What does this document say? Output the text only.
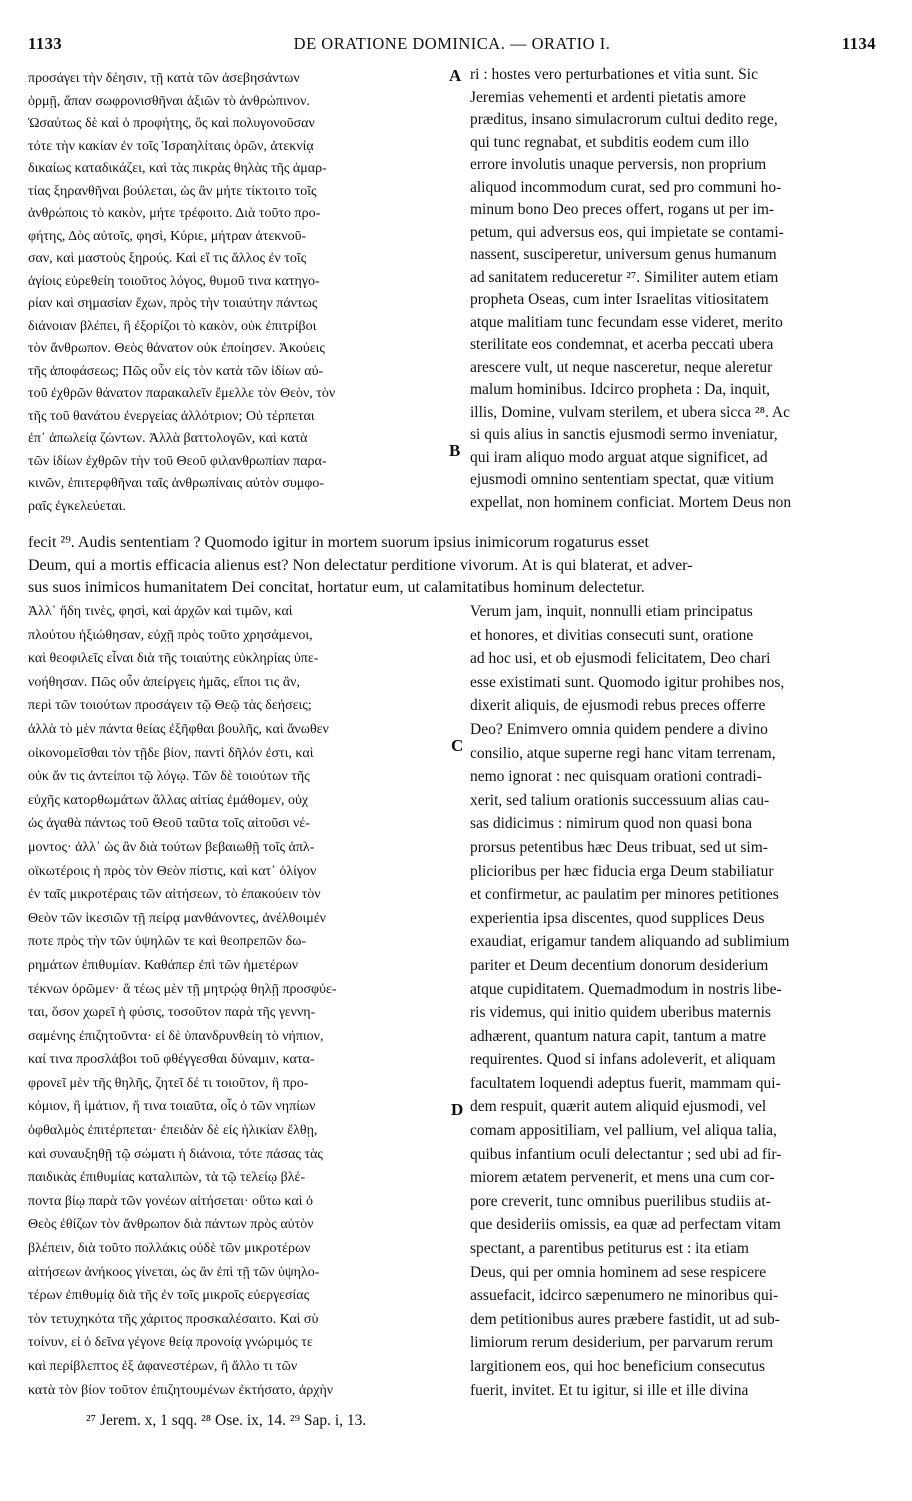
1133	DE ORATIONE DOMINICA. — ORATIO I.	1134
προσάγει τὴν δέησιν, τῇ κατὰ τῶν ἀσεβησάντων
ὁρμῇ, ἅπαν σωφρονισθῆναι ἀξιῶν τὸ ἀνθρώπινον.
Ὡσαύτως δὲ καὶ ὁ προφήτης, ὅς καὶ πολυγονοῦσαν
τότε τὴν κακίαν ἐν τοῖς Ἰσραηλίταις ὁρῶν, ἀτεκνίᾳ
δικαίως καταδικάζει, καὶ τὰς πικρὰς θηλὰς τῆς ἁμαρ-
τίας ξηρανθῆναι βούλεται, ὡς ἂν μήτε τίκτοιτο τοῖς
ἀνθρώποις τὸ κακὸν, μήτε τρέφοιτο. Διὰ τοῦτο προ-
φήτης, Δὸς αὐτοῖς, φησὶ, Κύριε, μήτραν ἀτεκνοῦ-
σαν, καὶ μαστοὺς ξηρούς. Καὶ εἴ τις ἄλλος ἐν τοῖς
ἁγίοις εὑρεθείη τοιοῦτος λόγος, θυμοῦ τινα κατηγο-
ρίαν καὶ σημασίαν ἔχων, πρὸς τὴν τοιαύτην πάντως
διάνοιαν βλέπει, ἢ ἐξορίζοι τὸ κακὸν, οὐκ ἐπιτρίβοι
τὸν ἄνθρωπον. Θεὸς θάνατον οὐκ ἐποίησεν. Ἀκούεις
τῆς ἀποφάσεως; Πῶς οὖν εἰς τὸν κατὰ τῶν ἰδίων αὐ-
τοῦ ἐχθρῶν θάνατον παρακαλεῖν ἔμελλε τὸν Θεὸν, τὸν
τῆς τοῦ θανάτου ἐνεργείας ἀλλότριον; Οὐ τέρπεται
ἐπ᾽ ἀπωλείᾳ ζώντων. Ἀλλὰ βαττολογῶν, καὶ κατὰ
τῶν ἰδίων ἐχθρῶν τὴν τοῦ Θεοῦ φιλανθρωπίαν παρα-
κινῶν, ἐπιτερφθῆναι ταῖς ἀνθρωπίναις αὐτὸν συμφο-
ραῖς ἐγκελεύεται.
ri : hostes vero perturbationes et vitia sunt. Sic
Jeremias vehementi et ardenti pietatis amore
præditus, insano simulacrorum cultui dedito rege,
qui tunc regnabat, et subditis eodem cum illo
errore involutis unaque perversis, non proprium
aliquod incommodum curat, sed pro communi ho-
minum bono Deo preces offert, rogans ut per im-
petum, qui adversus eos, qui impietate se contami-
nassent, susciperetur, universum genus humanum
ad sanitatem reduceretur ²⁷. Similiter autem etiam
propheta Oseas, cum inter Israelitas vitiositatem
atque malitiam tunc fecundam esse videret, merito
sterilitate eos condemnat, et acerba peccati ubera
arescere vult, ut neque nasceretur, neque aleretur
malum hominibus. Idcirco propheta : Da, inquit,
illis, Domine, vulvam sterilem, et ubera sicca ²⁸. Ac
si quis alius in sanctis ejusmodi sermo inveniatur,
qui iram aliquo modo arguat atque significet, ad
ejusmodi omnino sententiam spectat, quæ vitium
expellat, non hominem conficiat. Mortem Deus non
fecit ²⁹. Audis sententiam ? Quomodo igitur in mortem suorum ipsius inimicorum rogaturus esset
Deum, qui a mortis efficacia alienus est? Non delectatur perditione vivorum. At is qui blaterat, et adver-
sus suos inimicos humanitatem Dei concitat, hortatur eum, ut calamitatibus hominum delectetur.
Ἀλλ᾽ ἤδη τινὲς, φησὶ, καὶ ἀρχῶν καὶ τιμῶν, καὶ
πλούτου ἠξιώθησαν, εὐχῇ πρὸς τοῦτο χρησάμενοι,
καὶ θεοφιλεῖς εἶναι διὰ τῆς τοιαύτης εὐκληρίας ὑπε-
νοήθησαν. Πῶς οὖν ἀπείργεις ἡμᾶς, εἴποι τις ἂν,
περὶ τῶν τοιούτων προσάγειν τῷ Θεῷ τὰς δεήσεις;
ἀλλὰ τὸ μὲν πάντα θείας ἐξῆφθαι βουλῆς, καὶ ἄνωθεν
οἰκονομεῖσθαι τὸν τῇδε βίον, παντὶ δῆλόν ἐστι, καὶ
οὐκ ἄν τις ἀντείποι τῷ λόγῳ. Τῶν δὲ τοιούτων τῆς
εὐχῆς κατορθωμάτων ἄλλας αἰτίας ἐμάθομεν, οὐχ
ὡς ἀγαθὰ πάντως τοῦ Θεοῦ ταῦτα τοῖς αἰτοῦσι νέ-
μοντος· ἀλλ᾽ ὡς ἂν διὰ τούτων βεβαιωθῇ τοῖς ἁπλ-
οϊκωτέροις ἡ πρὸς τὸν Θεὸν πίστις, καὶ κατ᾽ ὀλίγον
ἐν ταῖς μικροτέραις τῶν αἰτήσεων, τὸ ἐπακούειν τὸν
Θεὸν τῶν ἱκεσιῶν τῇ πείρᾳ μανθάνοντες, ἀνέλθοιμέν
ποτε πρὸς τὴν τῶν ὑψηλῶν τε καὶ θεοπρεπῶν δω-
ρημάτων ἐπιθυμίαν. Καθάπερ ἐπὶ τῶν ἡμετέρων
τέκνων ὁρῶμεν· ἅ τέως μὲν τῇ μητρῴᾳ θηλῇ προσφύε-
ται, ὅσον χωρεῖ ἡ φύσις, τοσοῦτον παρὰ τῆς γεννη-
σαμένης ἐπιζητοῦντα· εἰ δὲ ὑπανδρυνθείη τὸ νήπιον,
καί τινα προσλάβοι τοῦ φθέγγεσθαι δύναμιν, κατα-
φρονεῖ μὲν τῆς θηλῆς, ζητεῖ δέ τι τοιοῦτον, ἢ προ-
κόμιον, ἢ ἱμάτιον, ἤ τινα τοιαῦτα, οἷς ὁ τῶν νηπίων
ὀφθαλμὸς ἐπιτέρπεται· ἐπειδὰν δὲ εἰς ἡλικίαν ἔλθῃ,
καὶ συναυξηθῇ τῷ σώματι ἡ διάνοια, τότε πάσας τὰς
παιδικὰς ἐπιθυμίας καταλιπὼν, τὰ τῷ τελείῳ βλέ-
ποντα βίῳ παρὰ τῶν γονέων αἰτήσεται· οὕτω καὶ ὁ
Θεὸς ἐθίζων τὸν ἄνθρωπον διὰ πάντων πρὸς αὐτὸν
βλέπειν, διὰ τοῦτο πολλάκις οὐδὲ τῶν μικροτέρων
αἰτήσεων ἀνήκοος γίνεται, ὡς ἂν ἐπὶ τῇ τῶν ὑψηλο-
τέρων ἐπιθυμίᾳ διὰ τῆς ἐν τοῖς μικροῖς εὐεργεσίας
τὸν τετυχηκότα τῆς χάριτος προσκαλέσαιτο. Καὶ σὺ
τοίνυν, εἰ ὁ δεῖνα γέγονε θείᾳ προνοίᾳ γνώριμός τε
καὶ περίβλεπτος ἐξ ἀφανεστέρων, ἢ ἄλλο τι τῶν
κατὰ τὸν βίον τοῦτον ἐπιζητουμένων ἐκτήσατο, ἀρχὴν
Verum jam, inquit, nonnulli etiam principatus
et honores, et divitias consecuti sunt, oratione
ad hoc usi, et ob ejusmodi felicitatem, Deo chari
esse existimati sunt. Quomodo igitur prohibes nos,
dixerit aliquis, de ejusmodi rebus preces offerre
Deo? Enimvero omnia quidem pendere a divino
consilio, atque superne regi hanc vitam terrenam,
nemo ignorat : nec quisquam orationi contradi-
xerit, sed talium orationis successuum alias cau-
sas didicimus : nimirum quod non quasi bona
prorsus petentibus hæc Deus tribuat, sed ut sim-
plicioribus per hæc fiducia erga Deum stabiliatur
et confirmetur, ac paulatim per minores petitiones
experientia ipsa discentes, quod supplices Deus
exaudiat, erigamur tandem aliquando ad sublimium
pariter et Deum decentium donorum desiderium
atque cupiditatem. Quemadmodum in nostris libe-
ris videmus, qui initio quidem uberibus maternis
adhærent, quantum natura capit, tantum a matre
requirentes. Quod si infans adoleverit, et aliquam
facultatem loquendi adeptus fuerit, mammam qui-
dem respuit, quærit autem aliquid ejusmodi, vel
comam appositiliam, vel pallium, vel aliqua talia,
quibus infantium oculi delectantur ; sed ubi ad fir-
miorem ætatem pervenerit, et mens una cum cor-
pore creverit, tunc omnibus puerilibus studiis at-
que desideriis omissis, ea quæ ad perfectam vitam
spectant, a parentibus petiturus est : ita etiam
Deus, qui per omnia hominem ad sese respicere
assuefacit, idcirco sæpenumero ne minoribus qui-
dem petitionibus aures præbere fastidit, ut ad sub-
limiorum rerum desiderium, per parvarum rerum
largitionem eos, qui hoc beneficium consecutus
fuerit, invitet. Et tu igitur, si ille et ille divina
A
B
C
D
²⁷ Jerem. x, 1 sqq. ²⁸ Ose. ix, 14. ²⁹ Sap. i, 13.
